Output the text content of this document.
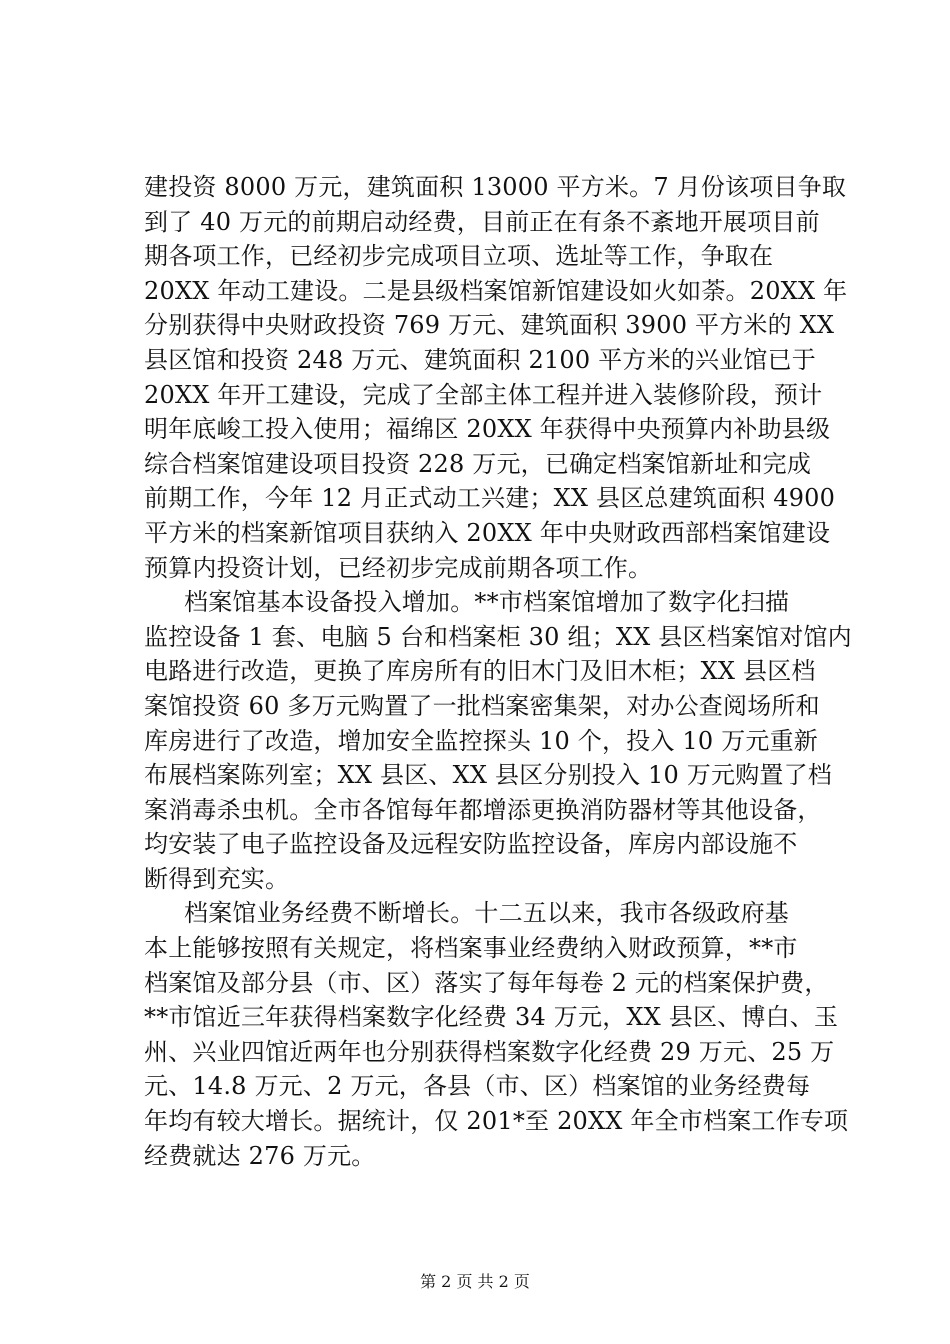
建投资 8000 万元，建筑面积 13000 平方米。7 月份该项目争取
到了 40 万元的前期启动经费，目前正在有条不紊地开展项目前
期各项工作，已经初步完成项目立项、选址等工作，争取在
20XX 年动工建设。二是县级档案馆新馆建设如火如荼。20XX 年
分别获得中央财政投资 769 万元、建筑面积 3900 平方米的 XX
县区馆和投资 248 万元、建筑面积 2100 平方米的兴业馆已于
20XX 年开工建设，完成了全部主体工程并进入装修阶段，预计
明年底峻工投入使用；福绵区 20XX 年获得中央预算内补助县级
综合档案馆建设项目投资 228 万元，已确定档案馆新址和完成
前期工作，今年 12 月正式动工兴建；XX 县区总建筑面积 4900
平方米的档案新馆项目获纳入 20XX 年中央财政西部档案馆建设
预算内投资计划，已经初步完成前期各项工作。
档案馆基本设备投入增加。**市档案馆增加了数字化扫描
监控设备 1 套、电脑 5 台和档案柜 30 组；XX 县区档案馆对馆内
电路进行改造，更换了库房所有的旧木门及旧木柜；XX 县区档
案馆投资 60 多万元购置了一批档案密集架，对办公查阅场所和
库房进行了改造，增加安全监控探头 10 个，投入 10 万元重新
布展档案陈列室；XX 县区、XX 县区分别投入 10 万元购置了档
案消毒杀虫机。全市各馆每年都增添更换消防器材等其他设备，
均安装了电子监控设备及远程安防监控设备，库房内部设施不
断得到充实。
档案馆业务经费不断增长。十二五以来，我市各级政府基
本上能够按照有关规定，将档案事业经费纳入财政预算，**市
档案馆及部分县（市、区）落实了每年每卷 2 元的档案保护费，
**市馆近三年获得档案数字化经费 34 万元，XX 县区、博白、玉
州、兴业四馆近两年也分别获得档案数字化经费 29 万元、25 万
元、14.8 万元、2 万元，各县（市、区）档案馆的业务经费每
年均有较大增长。据统计，仅 201*至 20XX 年全市档案工作专项
经费就达 276 万元。
第 2 页 共 2 页
